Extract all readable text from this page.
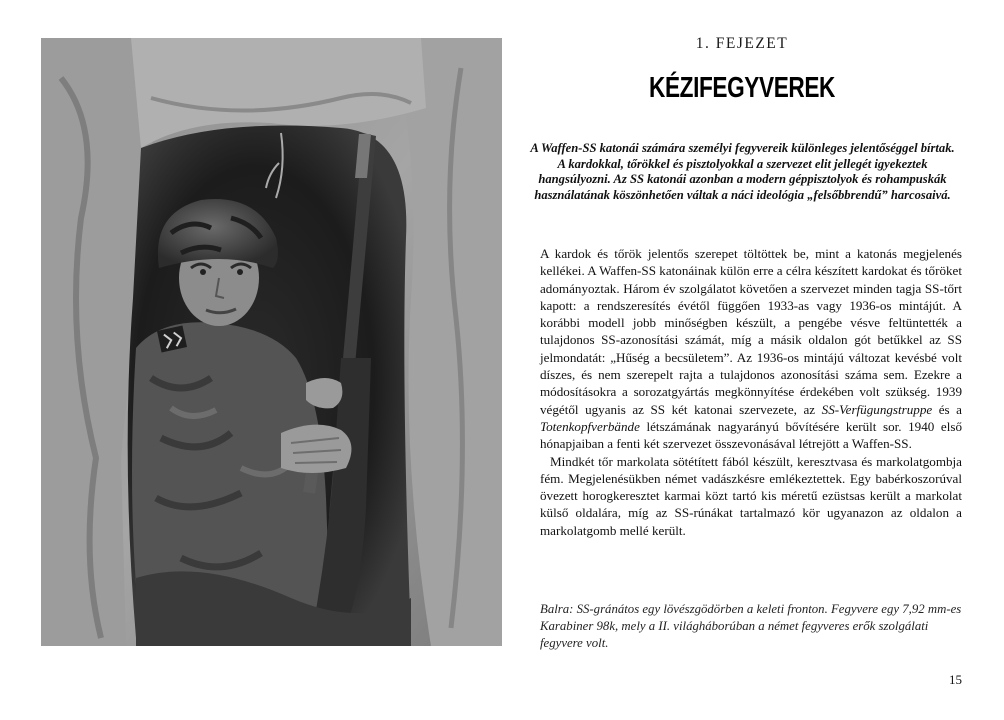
1. FEJEZET
KÉZIFEGYVEREK

A Waffen-SS katonái számára személyi fegyvereik különleges jelentőséggel bírtak. A kardokkal, tőrökkel és pisztolyokkal a szervezet elit jellegét igyekeztek hangsúlyozni. Az SS katonái azonban a modern géppisztolyok és rohampuskák használatának köszönhetően váltak a náci ideológia „felsőbbrendű” harcosaivá.

A kardok és tőrök jelentős szerepet töltöttek be, mint a katonás megjelenés kellékei. A Waffen-SS katonáinak külön erre a célra készített kardokat és tőröket adományoztak. Három év szolgálatot követően a szervezet minden tagja SS-tőrt kapott: a rendszeresítés évétől függően 1933-as vagy 1936-os mintájút. A korábbi modell jobb minőségben készült, a pengébe vésve feltüntették a tulajdonos SS-azonosítási számát, míg a másik oldalon gót betűkkel az SS jelmondatát: „Hűség a becsületem”. Az 1936-os mintájú változat kevésbé volt díszes, és nem szerepelt rajta a tulajdonos azonosítási száma sem. Ezekre a módosításokra a sorozatgyártás megkönnyítése érdekében volt szükség. 1939 végétől ugyanis az SS két katonai szervezete, az SS-Verfügungstruppe és a Totenkopfverbände létszámának nagyarányú bővítésére került sor. 1940 első hónapjaiban a fenti két szervezet összevonásával létrejött a Waffen-SS.

Mindkét tőr markolata sötétített fából készült, keresztvasa és markolatgombja fém. Megjelenésükben német vadászkésre emlékeztettek. Egy babérkoszorúval övezett horogkeresztet karmai közt tartó kis méretű ezüstsas került a markolat külső oldalára, míg az SS-rúnákat tartalmazó kör ugyanazon az oldalon a markolatgomb mellé került.

Balra: SS-gránátos egy lövészgödörben a keleti fronton. Fegyvere egy 7,92 mm-es Karabiner 98k, mely a II. világháborúban a német fegyveres erők szolgálati fegyvere volt.

15
